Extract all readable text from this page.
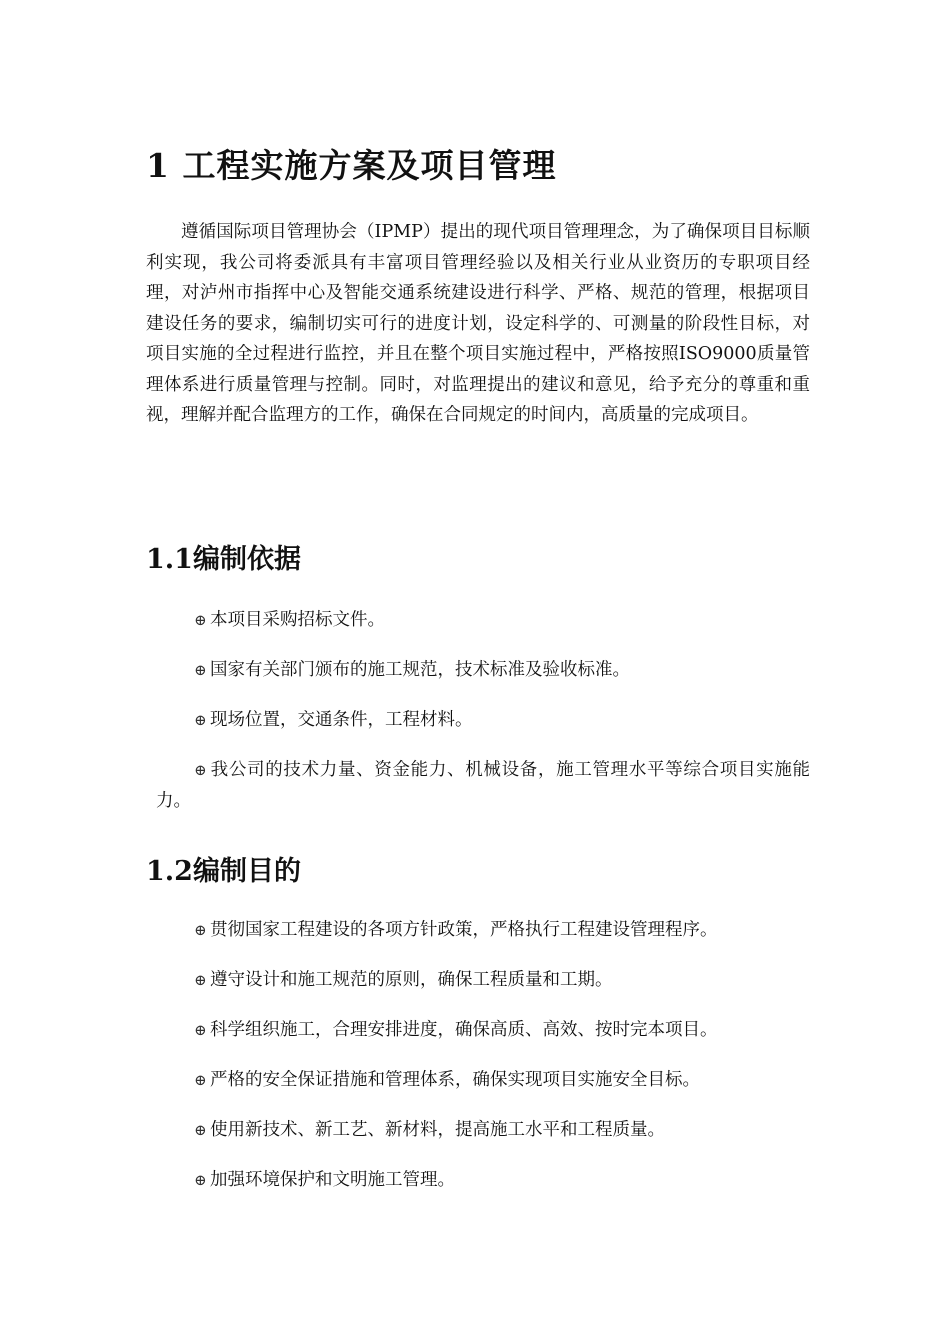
1 工程实施方案及项目管理

遵循国际项目管理协会（IPMP）提出的现代项目管理理念，为了确保项目目标顺利实现，我公司将委派具有丰富项目管理经验以及相关行业从业资历的专职项目经理，对泸州市指挥中心及智能交通系统建设进行科学、严格、规范的管理，根据项目建设任务的要求，编制切实可行的进度计划，设定科学的、可测量的阶段性目标，对项目实施的全过程进行监控，并且在整个项目实施过程中，严格按照ISO9000质量管理体系进行质量管理与控制。同时，对监理提出的建议和意见，给予充分的尊重和重视，理解并配合监理方的工作，确保在合同规定的时间内，高质量的完成项目。

1.1编制依据
⊕ 本项目采购招标文件。
⊕ 国家有关部门颁布的施工规范，技术标准及验收标准。
⊕ 现场位置，交通条件，工程材料。
⊕ 我公司的技术力量、资金能力、机械设备，施工管理水平等综合项目实施能力。
1.2编制目的
⊕ 贯彻国家工程建设的各项方针政策，严格执行工程建设管理程序。
⊕ 遵守设计和施工规范的原则，确保工程质量和工期。
⊕ 科学组织施工，合理安排进度，确保高质、高效、按时完本项目。
⊕ 严格的安全保证措施和管理体系，确保实现项目实施安全目标。
⊕ 使用新技术、新工艺、新材料，提高施工水平和工程质量。
⊕ 加强环境保护和文明施工管理。
